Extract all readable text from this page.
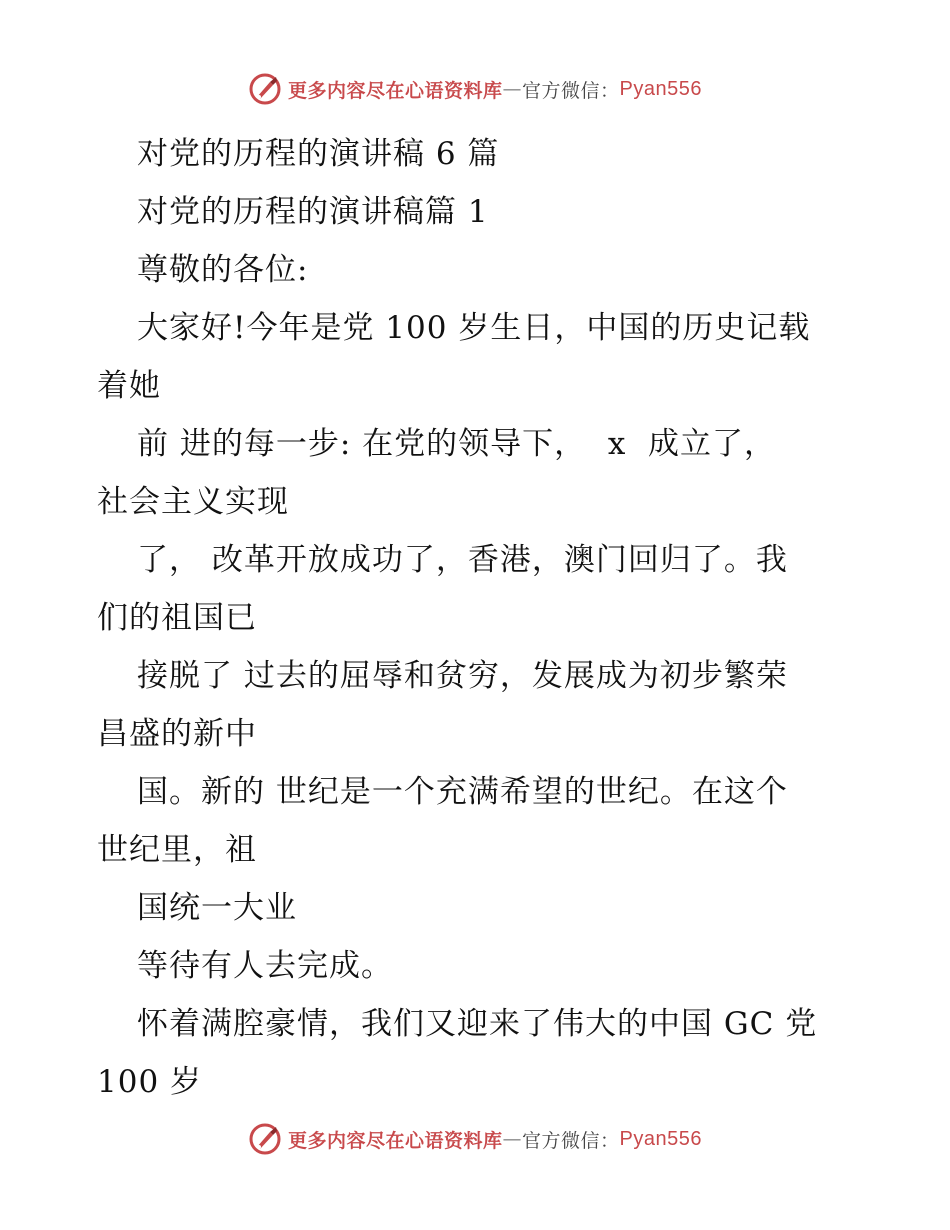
更多内容尽在心语资料库 — 官方微信： Pyan556
对党的历程的演讲稿 6 篇
对党的历程的演讲稿篇 1
尊敬的各位:
大家好!今年是党 100 岁生日，中国的历史记载
着她
前 进的每一步: 在党的领导下，  x  成立了，
社会主义实现
了， 改革开放成功了，香港，澳门回归了。我
们的祖国已
接脱了 过去的屈辱和贫穷，发展成为初步繁荣
昌盛的新中
国。新的 世纪是一个充满希望的世纪。在这个
世纪里，祖
国统一大业
等待有人去完成。
怀着满腔豪情，我们又迎来了伟大的中国 GC 党
100 岁
更多内容尽在心语资料库 — 官方微信： Pyan556
